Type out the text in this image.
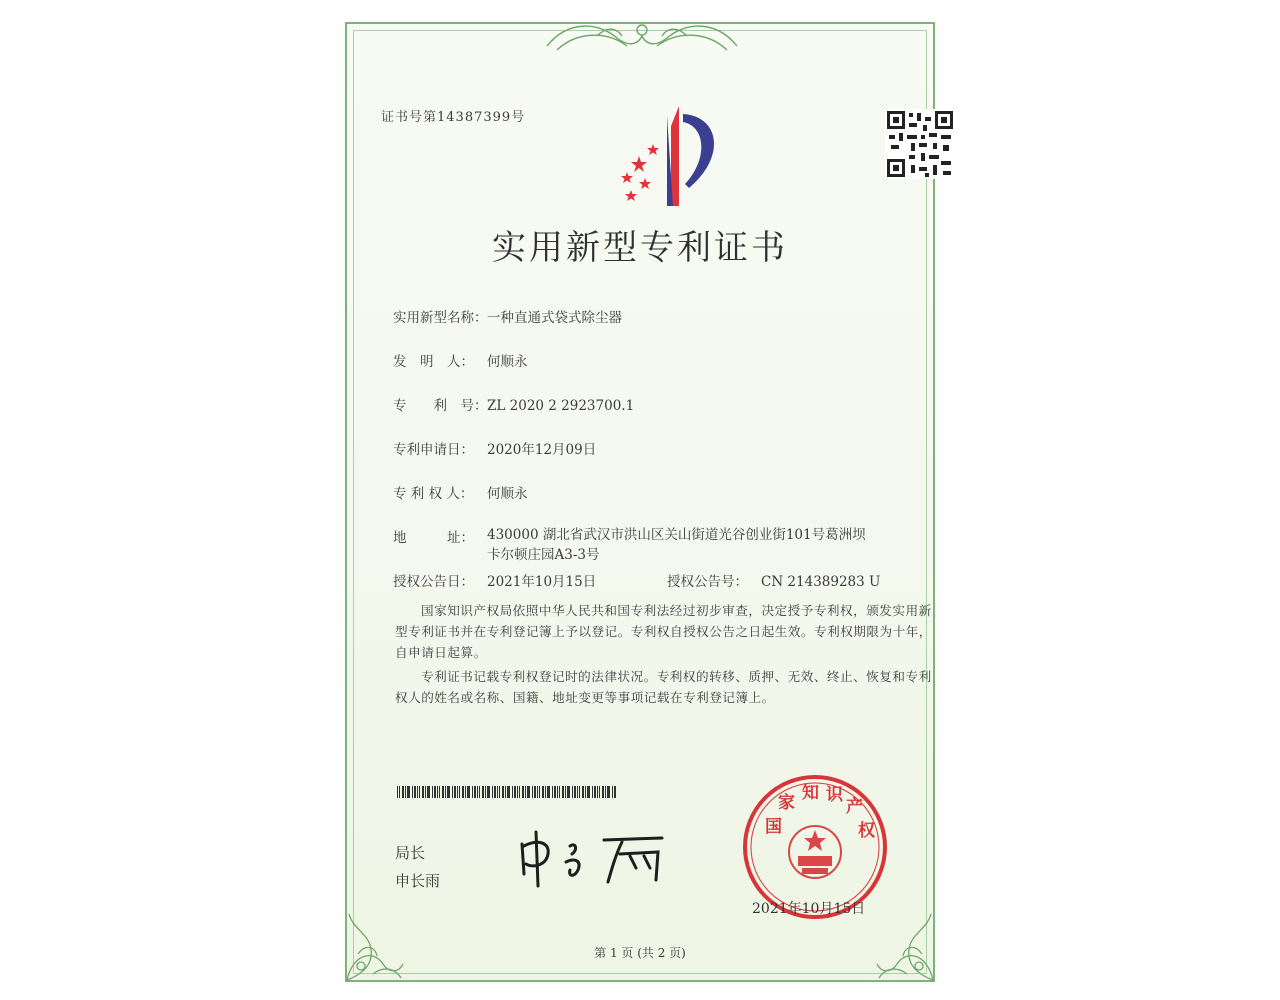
证书号第14387399号
实用新型专利证书
实用新型名称：一种直通式袋式除尘器
发　明　人： 何顺永
专　　利　号：ZL 2020 2 2923700.1
专利申请日： 2020年12月09日
专 利 权 人： 何顺永
地　　　址： 430000 湖北省武汉市洪山区关山街道光谷创业街101号葛洲坝卡尔顿庄园A3-3号
授权公告日： 2021年10月15日	授权公告号： CN 214389283 U
国家知识产权局依照中华人民共和国专利法经过初步审查，决定授予专利权，颁发实用新型专利证书并在专利登记簿上予以登记。专利权自授权公告之日起生效。专利权期限为十年，自申请日起算。
专利证书记载专利权登记时的法律状况。专利权的转移、质押、无效、终止、恢复和专利权人的姓名或名称、国籍、地址变更等事项记载在专利登记簿上。
局长
申长雨
国 家 知 识 产 权
2021年10月15日
第 1 页 (共 2 页)
